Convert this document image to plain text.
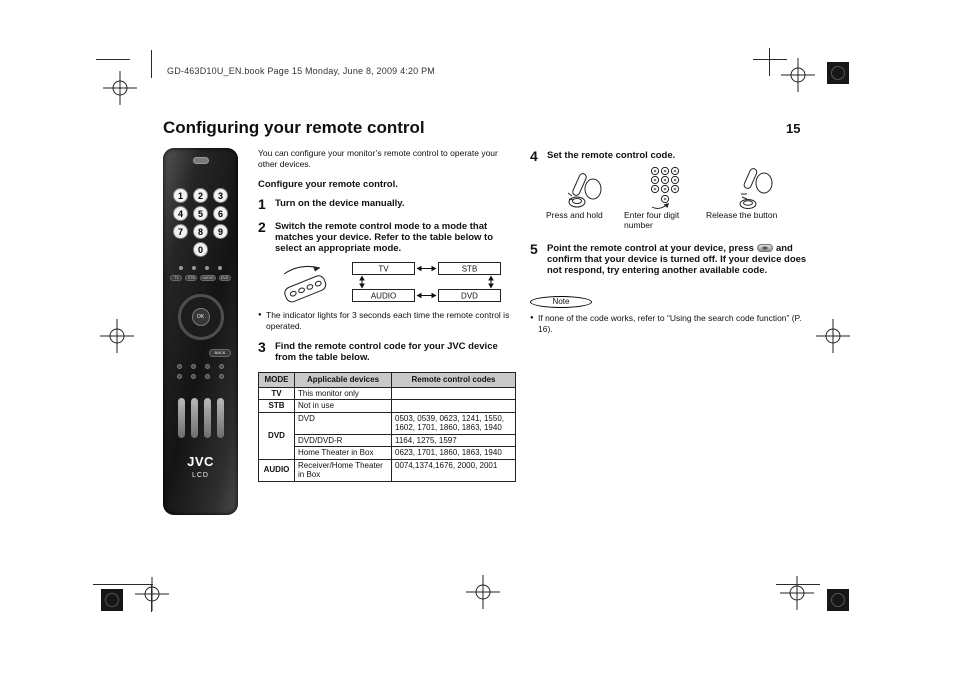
GD-463D10U_EN.book Page 15 Monday, June 8, 2009 4:20 PM
Configuring your remote control	15
1	2	3
4	5	6
7	8	9
0
TV	STB	AUDIO	DVD
OK
BACK
JVC
LCD
You can configure your monitor’s remote control to operate your other devices.
Configure your remote control.
1 Turn on the device manually.
2 Switch the remote control mode to a mode that matches your device. Refer to the table below to select an appropriate mode.
TV	STB
AUDIO	DVD
● The indicator lights for 3 seconds each time the remote control is operated.
3 Find the remote control code for your JVC device from the table below.
MODE	Applicable devices	Remote control codes
TV	This monitor only	
STB	Not in use	
DVD	DVD	0503, 0539, 0623, 1241, 1550, 1602, 1701, 1860, 1863, 1940
	DVD/DVD-R	1164, 1275, 1597
	Home Theater in Box	0623, 1701, 1860, 1863, 1940
AUDIO	Receiver/Home Theater in Box	0074,1374,1676, 2000, 2001
4 Set the remote control code.
Press and hold	Enter four digit number
Release the button
5 Point the remote control at your device, press and confirm that your device is turned off. If your device does not respond, try entering another available code.
Note
● If none of the code works, refer to “Using the search code function” (P. 16).
